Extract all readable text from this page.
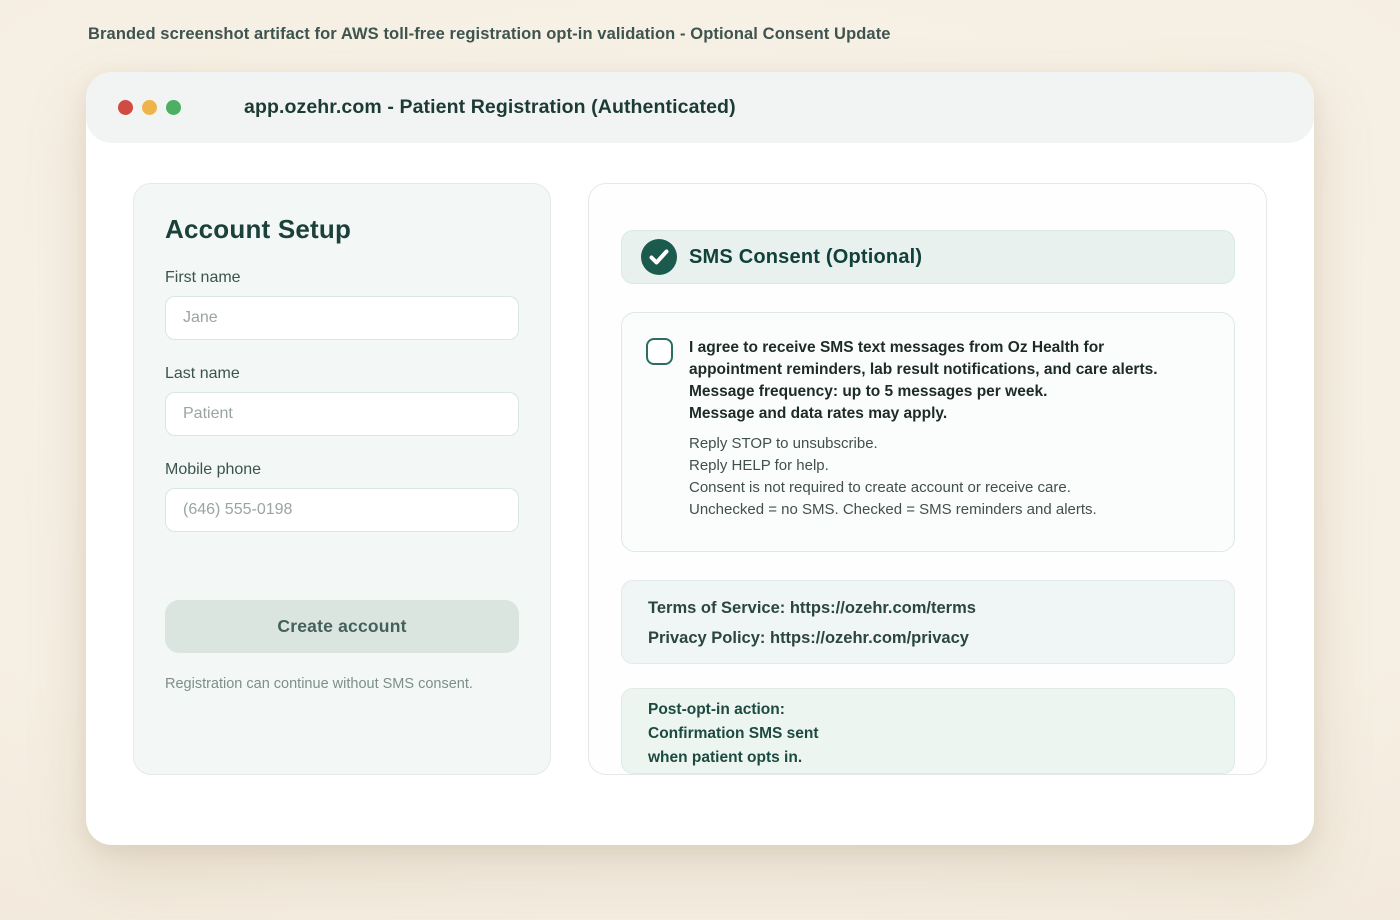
Branded screenshot artifact for AWS toll-free registration opt-in validation - Optional Consent Update
app.ozehr.com - Patient Registration (Authenticated)
Account Setup
First name
Jane
Last name
Patient
Mobile phone
(646) 555-0198
Create account
Registration can continue without SMS consent.
SMS Consent (Optional)

I agree to receive SMS text messages from Oz Health for appointment reminders, lab result notifications, and care alerts.

Message frequency: up to 5 messages per week.

Message and data rates may apply.

Reply STOP to unsubscribe.

Reply HELP for help.

Consent is not required to create account or receive care.

Unchecked = no SMS. Checked = SMS reminders and alerts.

Terms of Service: https://ozehr.com/terms

Privacy Policy: https://ozehr.com/privacy

Post-opt-in action:

Confirmation SMS sent

when patient opts in.
